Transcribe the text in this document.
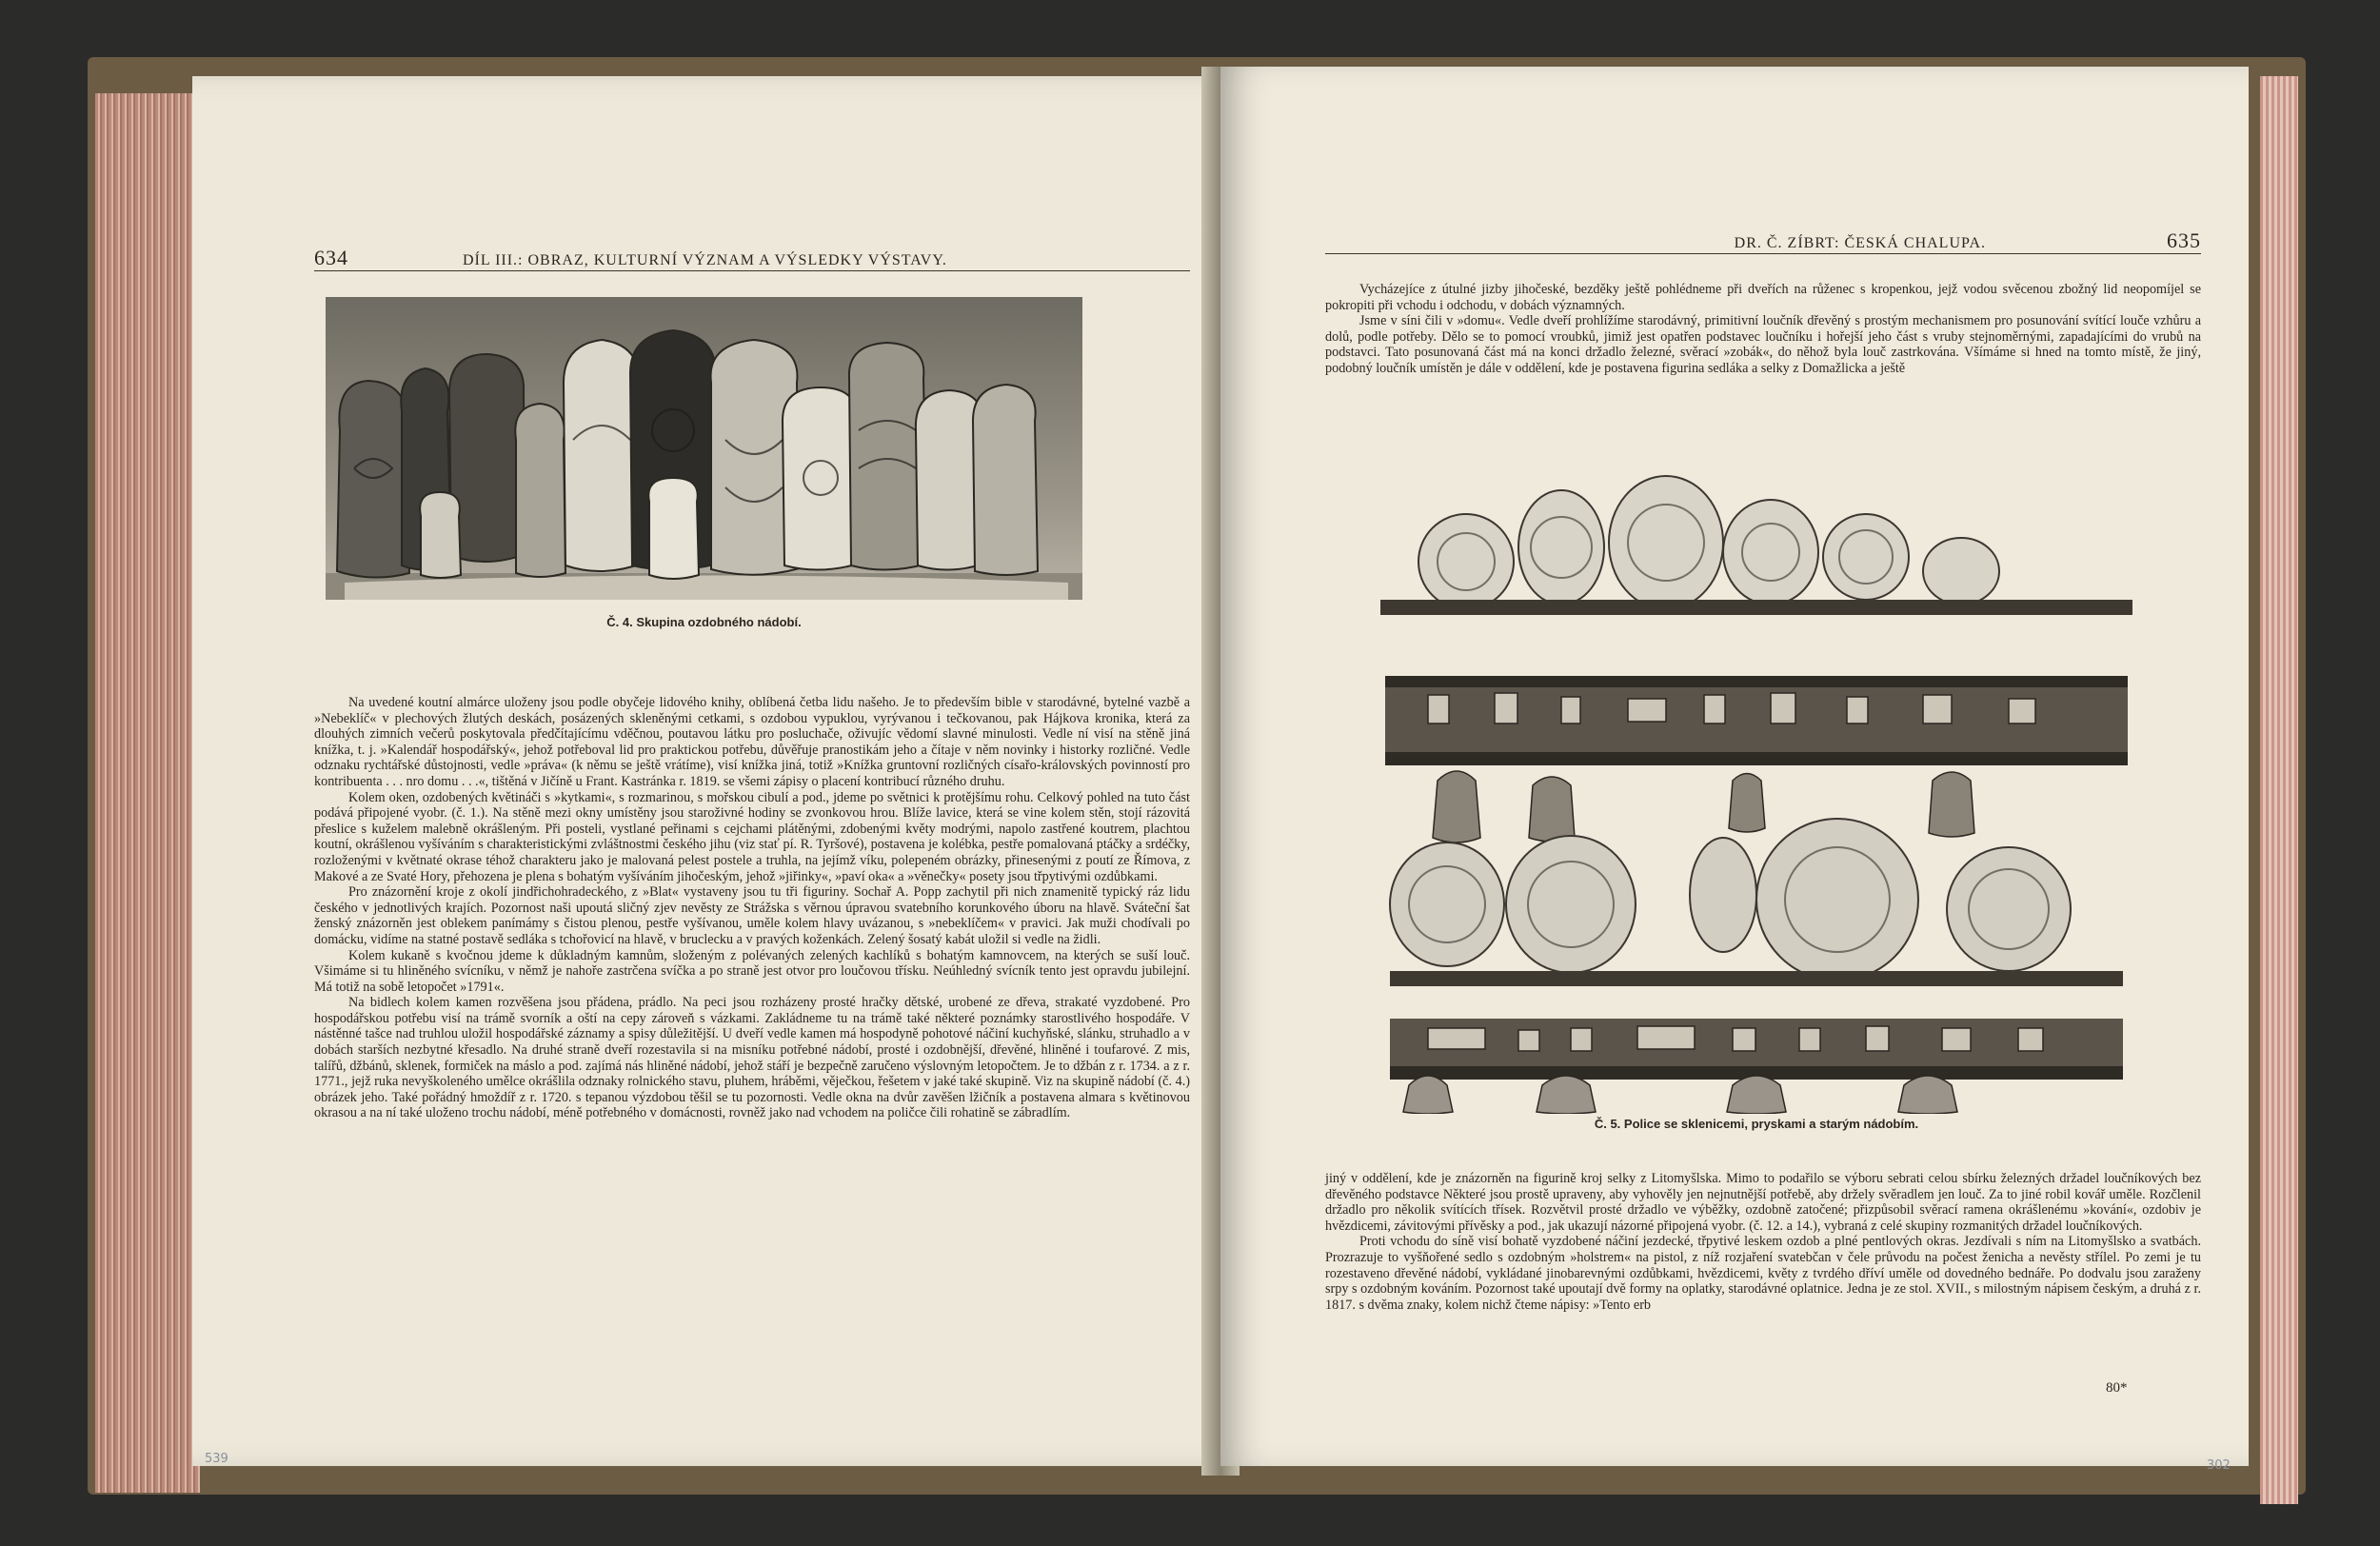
634	DÍL III.: OBRAZ, KULTURNÍ VÝZNAM A VÝSLEDKY VÝSTAVY.
Č. 4. Skupina ozdobného nádobí.

Na uvedené koutní almárce uloženy jsou podle obyčeje lidového knihy, oblíbená četba lidu našeho. Je to především bible v starodávné, bytelné vazbě a »Nebeklíč« v plechových žlutých deskách, posázených skleněnými cetkami, s ozdobou vypuklou, vyrývanou i tečkovanou, pak Hájkova kronika, která za dlouhých zimních večerů poskytovala předčítajícímu vděčnou, poutavou látku pro posluchače, oživujíc vědomí slavné minulosti. Vedle ní visí na stěně jiná knížka, t. j. »Kalendář hospodářský«, jehož potřeboval lid pro praktickou potřebu, důvěřuje pranostikám jeho a čítaje v něm novinky i historky rozličné. Vedle odznaku rychtářské důstojnosti, vedle »práva« (k němu se ještě vrátíme), visí knížka jiná, totiž »Knížka gruntovní rozličných císařo-královských povinností pro kontribuenta . . . nro domu . . .«, tištěná v Jičíně u Frant. Kastránka r. 1819. se všemi zápisy o placení kontribucí různého druhu.

Kolem oken, ozdobených květináči s »kytkami«, s rozmarinou, s mořskou cibulí a pod., jdeme po světnici k protějšímu rohu. Celkový pohled na tuto část podává připojené vyobr. (č. 1.). Na stěně mezi okny umístěny jsou staroživné hodiny se zvonkovou hrou. Blíže lavice, která se vine kolem stěn, stojí rázovitá přeslice s kuželem malebně okrášleným. Při posteli, vystlané peřinami s cejchami plátěnými, zdobenými květy modrými, napolo zastřené koutrem, plachtou koutní, okrášlenou vyšíváním s charakteristickými zvláštnostmi českého jihu (viz stať pí. R. Tyršové), postavena je kolébka, pestře pomalovaná ptáčky a srdéčky, rozloženými v květnaté okrase téhož charakteru jako je malovaná pelest postele a truhla, na jejímž víku, polepeném obrázky, přinesenými z poutí ze Římova, z Makové a ze Svaté Hory, přehozena je plena s bohatým vyšíváním jihočeským, jehož »jiřinky«, »paví oka« a »věnečky« posety jsou třpytivými ozdůbkami.

Pro znázornění kroje z okolí jindřichohradeckého, z »Blat« vystaveny jsou tu tři figuriny. Sochař A. Popp zachytil při nich znamenitě typický ráz lidu českého v jednotlivých krajích. Pozornost naši upoutá sličný zjev nevěsty ze Strážska s věrnou úpravou svatebního korunkového úboru na hlavě. Sváteční šat ženský znázorněn jest oblekem panímámy s čistou plenou, pestře vyšívanou, uměle kolem hlavy uvázanou, s »nebeklíčem« v pravici. Jak muži chodívali po domácku, vidíme na statné postavě sedláka s tchořovicí na hlavě, v bruclecku a v pravých koženkách. Zelený šosatý kabát uložil si vedle na židli.

Kolem kukaně s kvočnou jdeme k důkladným kamnům, složeným z polévaných zelených kachlíků s bohatým kamnovcem, na kterých se suší louč. Všimáme si tu hliněného svícníku, v němž je nahoře zastrčena svíčka a po straně jest otvor pro loučovou třísku. Neúhledný svícník tento jest opravdu jubilejní. Má totiž na sobě letopočet »1791«.

Na bidlech kolem kamen rozvěšena jsou přádena, prádlo. Na peci jsou rozházeny prosté hračky dětské, urobené ze dřeva, strakaté vyzdobené. Pro hospodářskou potřebu visí na trámě svorník a oští na cepy zároveň s vázkami. Zakládneme tu na trámě také některé poznámky starostlivého hospodáře. V nástěnné tašce nad truhlou uložil hospodářské záznamy a spisy důležitější. U dveří vedle kamen má hospodyně pohotové náčiní kuchyňské, slánku, struhadlo a v dobách starších nezbytné křesadlo. Na druhé straně dveří rozestavila si na misníku potřebné nádobí, prosté i ozdobnější, dřevěné, hliněné i toufarové. Z mis, talířů, džbánů, sklenek, formiček na máslo a pod. zajímá nás hliněné nádobí, jehož stáří je bezpečně zaručeno výslovným letopočtem. Je to džbán z r. 1734. a z r. 1771., jejž ruka nevyškoleného umělce okrášlila odznaky rolnického stavu, pluhem, hráběmi, věječkou, řešetem v jaké také skupině. Viz na skupině nádobí (č. 4.) obrázek jeho. Také pořádný hmoždíř z r. 1720. s tepanou výzdobou těšil se tu pozornosti. Vedle okna na dvůr zavěšen lžičník a postavena almara s květinovou okrasou a na ní také uloženo trochu nádobí, méně potřebného v domácnosti, rovněž jako nad vchodem na poličce čili rohatině se zábradlím.

DR. Č. ZÍBRT: ČESKÁ CHALUPA.	635

Vycházejíce z útulné jizby jihočeské, bezděky ještě pohlédneme při dveřích na růženec s kropenkou, jejž vodou svěcenou zbožný lid neopomíjel se pokropiti při vchodu i odchodu, v dobách významných.

Jsme v síni čili v »domu«. Vedle dveří prohlížíme starodávný, primitivní loučník dřevěný s prostým mechanismem pro posunování svítící louče vzhůru a dolů, podle potřeby. Dělo se to pomocí vroubků, jimiž jest opatřen podstavec loučníku i hořejší jeho část s vruby stejnoměrnými, zapadajícími do vrubů na podstavci. Tato posunovaná část má na konci držadlo železné, svěrací »zobák«, do něhož byla louč zastrkována. Všímáme si hned na tomto místě, že jiný, podobný loučník umístěn je dále v oddělení, kde je postavena figurina sedláka a selky z Domažlicka a ještě

Č. 5. Police se sklenicemi, pryskami a starým nádobím.

jiný v oddělení, kde je znázorněn na figurině kroj selky z Litomyšlska. Mimo to podařilo se výboru sebrati celou sbírku železných držadel loučníkových bez dřevěného podstavce Některé jsou prostě upraveny, aby vyhověly jen nejnutnější potřebě, aby držely svěradlem jen louč. Za to jiné robil kovář uměle. Rozčlenil držadlo pro několik svítících třísek. Rozvětvil prosté držadlo ve výběžky, ozdobně zatočené; přizpůsobil svěrací ramena okrášlenému »kování«, ozdobiv je hvězdicemi, závitovými přívěsky a pod., jak ukazují názorné připojená vyobr. (č. 12. a 14.), vybraná z celé skupiny rozmanitých držadel loučníkových.

Proti vchodu do síně visí bohatě vyzdobené náčiní jezdecké, třpytivé leskem ozdob a plné pentlových okras. Jezdívali s ním na Litomyšlsko a svatbách. Prozrazuje to vyšňořené sedlo s ozdobným »holstrem« na pistol, z níž rozjaření svatebčan v čele průvodu na počest ženicha a nevěsty střílel. Po zemi je tu rozestaveno dřevěné nádobí, vykládané jinobarevnými ozdůbkami, hvězdicemi, květy z tvrdého dříví uměle od dovedného bednáře. Po dodvalu jsou zaraženy srpy s ozdobným kováním. Pozornost také upoutají dvě formy na oplatky, starodávné oplatnice. Jedna je ze stol. XVII., s milostným nápisem českým, a druhá z r. 1817. s dvěma znaky, kolem nichž čteme nápisy: »Tento erb

80*
539	302
